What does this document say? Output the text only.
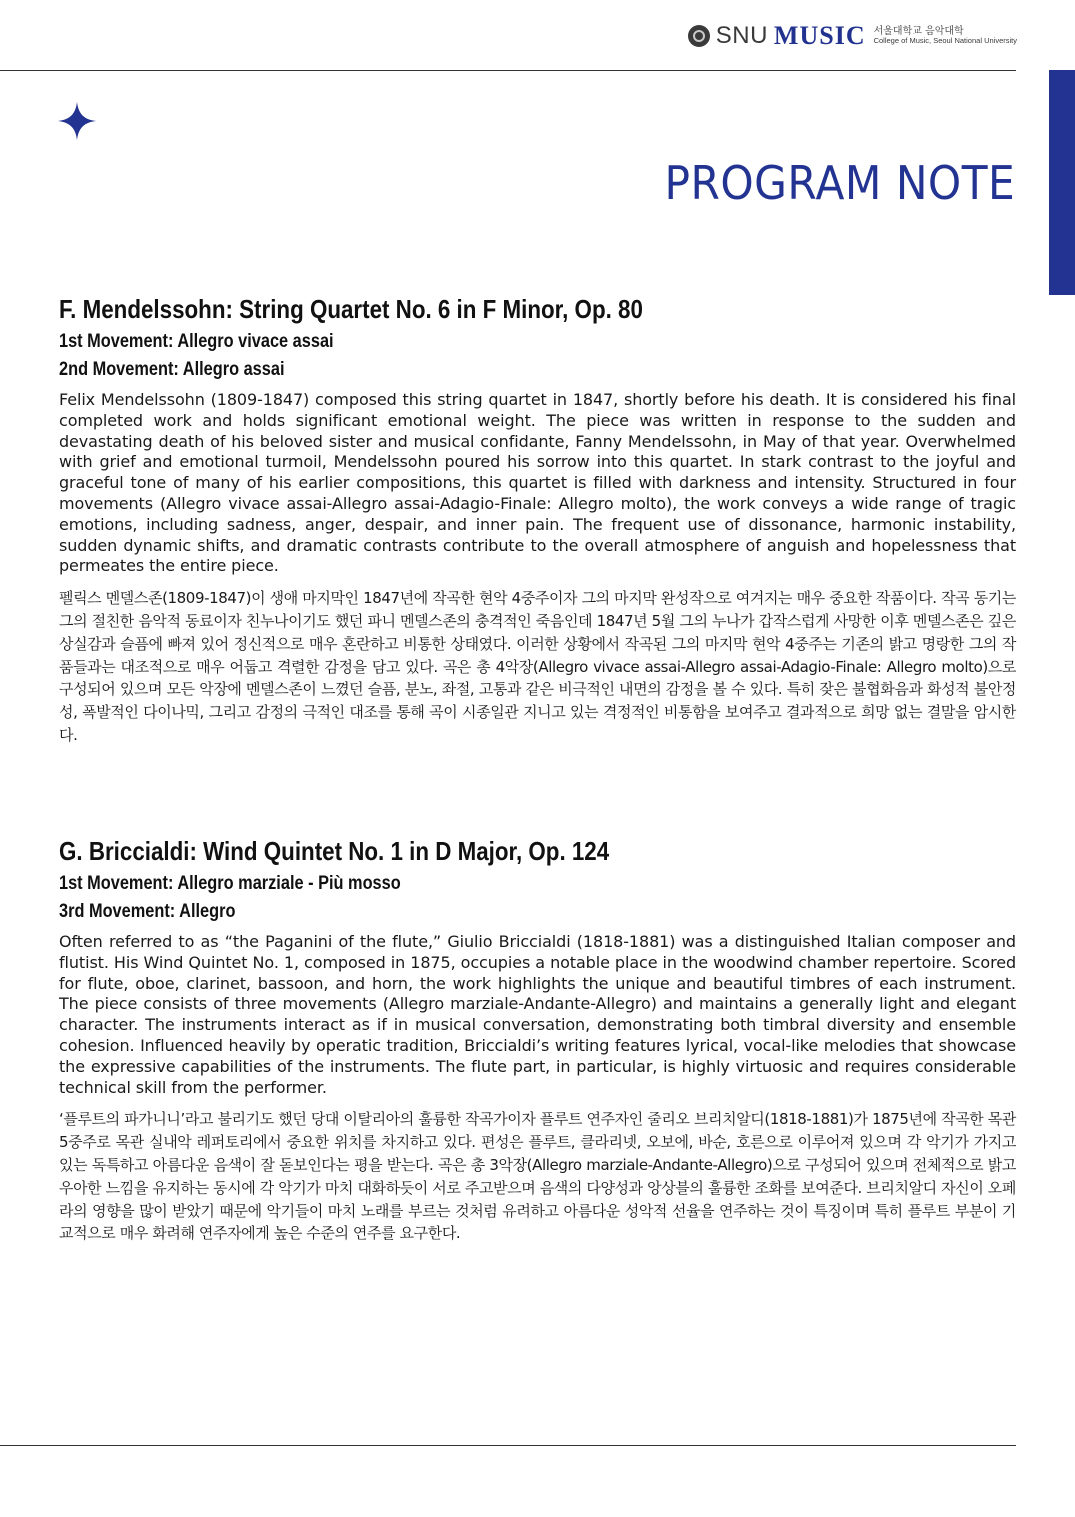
SNU MUSIC 서울대학교 음악대학
College of Music, Seoul National University
PROGRAM NOTE
F. Mendelssohn: String Quartet No. 6 in F Minor, Op. 80
1st Movement: Allegro vivace assai
2nd Movement: Allegro assai

Felix Mendelssohn (1809-1847) composed this string quartet in 1847, shortly before his death. It is considered his final completed work and holds significant emotional weight. The piece was written in response to the sudden and devastating death of his beloved sister and musical confidante, Fanny Mendelssohn, in May of that year. Overwhelmed with grief and emotional turmoil, Mendelssohn poured his sorrow into this quartet. In stark contrast to the joyful and graceful tone of many of his earlier compositions, this quartet is filled with darkness and intensity. Structured in four movements (Allegro vivace assai-Allegro assai-Adagio-Finale: Allegro molto), the work conveys a wide range of tragic emotions, including sadness, anger, despair, and inner pain. The frequent use of dissonance, harmonic instability, sudden dynamic shifts, and dramatic contrasts contribute to the overall atmosphere of anguish and hopelessness that permeates the entire piece.

펠릭스 멘델스존(1809-1847)이 생애 마지막인 1847년에 작곡한 현악 4중주이자 그의 마지막 완성작으로 여겨지는 매우 중요한 작품이다. 작곡 동기는 그의 절친한 음악적 동료이자 친누나이기도 했던 파니 멘델스존의 충격적인 죽음인데 1847년 5월 그의 누나가 갑작스럽게 사망한 이후 멘델스존은 깊은 상실감과 슬픔에 빠져 있어 정신적으로 매우 혼란하고 비통한 상태였다. 이러한 상황에서 작곡된 그의 마지막 현악 4중주는 기존의 밝고 명랑한 그의 작품들과는 대조적으로 매우 어둡고 격렬한 감정을 담고 있다. 곡은 총 4악장(Allegro vivace assai-Allegro assai-Adagio-Finale: Allegro molto)으로 구성되어 있으며 모든 악장에 멘델스존이 느꼈던 슬픔, 분노, 좌절, 고통과 같은 비극적인 내면의 감정을 볼 수 있다. 특히 잦은 불협화음과 화성적 불안정성, 폭발적인 다이나믹, 그리고 감정의 극적인 대조를 통해 곡이 시종일관 지니고 있는 격정적인 비통함을 보여주고 결과적으로 희망 없는 결말을 암시한다.

G. Briccialdi: Wind Quintet No. 1 in D Major, Op. 124
1st Movement: Allegro marziale - Più mosso
3rd Movement: Allegro

Often referred to as “the Paganini of the flute,” Giulio Briccialdi (1818-1881) was a distinguished Italian composer and flutist. His Wind Quintet No. 1, composed in 1875, occupies a notable place in the woodwind chamber repertoire. Scored for flute, oboe, clarinet, bassoon, and horn, the work highlights the unique and beautiful timbres of each instrument. The piece consists of three movements (Allegro marziale-Andante-Allegro) and maintains a generally light and elegant character. The instruments interact as if in musical conversation, demonstrating both timbral diversity and ensemble cohesion. Influenced heavily by operatic tradition, Briccialdi’s writing features lyrical, vocal-like melodies that showcase the expressive capabilities of the instruments. The flute part, in particular, is highly virtuosic and requires considerable technical skill from the performer.

‘플루트의 파가니니’라고 불리기도 했던 당대 이탈리아의 훌륭한 작곡가이자 플루트 연주자인 줄리오 브리치알디(1818-1881)가 1875년에 작곡한 목관 5중주로 목관 실내악 레퍼토리에서 중요한 위치를 차지하고 있다. 편성은 플루트, 클라리넷, 오보에, 바순, 호른으로 이루어져 있으며 각 악기가 가지고 있는 독특하고 아름다운 음색이 잘 돋보인다는 평을 받는다. 곡은 총 3악장(Allegro marziale-Andante-Allegro)으로 구성되어 있으며 전체적으로 밝고 우아한 느낌을 유지하는 동시에 각 악기가 마치 대화하듯이 서로 주고받으며 음색의 다양성과 앙상블의 훌륭한 조화를 보여준다. 브리치알디 자신이 오페라의 영향을 많이 받았기 때문에 악기들이 마치 노래를 부르는 것처럼 유려하고 아름다운 성악적 선율을 연주하는 것이 특징이며 특히 플루트 부분이 기교적으로 매우 화려해 연주자에게 높은 수준의 연주를 요구한다.
